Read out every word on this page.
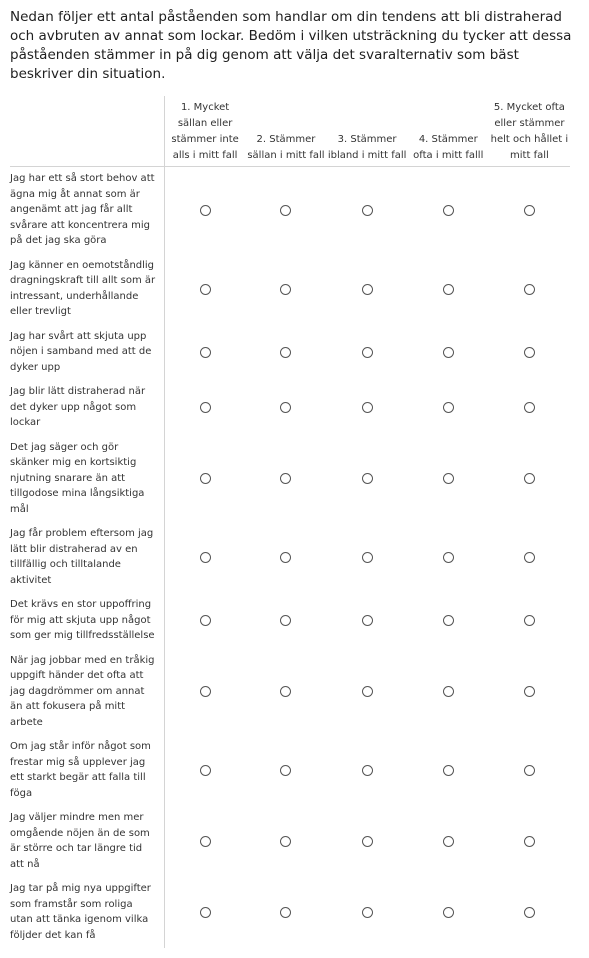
Nedan följer ett antal påståenden som handlar om din tendens att bli distraherad och avbruten av annat som lockar. Bedöm i vilken utsträckning du tycker att dessa påståenden stämmer in på dig genom att välja det svaralternativ som bäst beskriver din situation.
	1. Mycket sällan eller stämmer inte alls i mitt fall	2. Stämmer sällan i mitt fall	3. Stämmer ibland i mitt fall	4. Stämmer ofta i mitt falll	5. Mycket ofta eller stämmer helt och hållet i mitt fall
Jag har ett så stort behov att ägna mig åt annat som är angenämt att jag får allt svårare att koncentrera mig på det jag ska göra					
Jag känner en oemotståndlig dragningskraft till allt som är intressant, underhållande eller trevligt					
Jag har svårt att skjuta upp nöjen i samband med att de dyker upp					
Jag blir lätt distraherad när det dyker upp något som lockar					
Det jag säger och gör skänker mig en kortsiktig njutning snarare än att tillgodose mina långsiktiga mål					
Jag får problem eftersom jag lätt blir distraherad av en tillfällig och tilltalande aktivitet					
Det krävs en stor uppoffring för mig att skjuta upp något som ger mig tillfredsställelse					
När jag jobbar med en tråkig uppgift händer det ofta att jag dagdrömmer om annat än att fokusera på mitt arbete					
Om jag står inför något som frestar mig så upplever jag ett starkt begär att falla till föga					
Jag väljer mindre men mer omgående nöjen än de som är större och tar längre tid att nå					
Jag tar på mig nya uppgifter som framstår som roliga utan att tänka igenom vilka följder det kan få					
